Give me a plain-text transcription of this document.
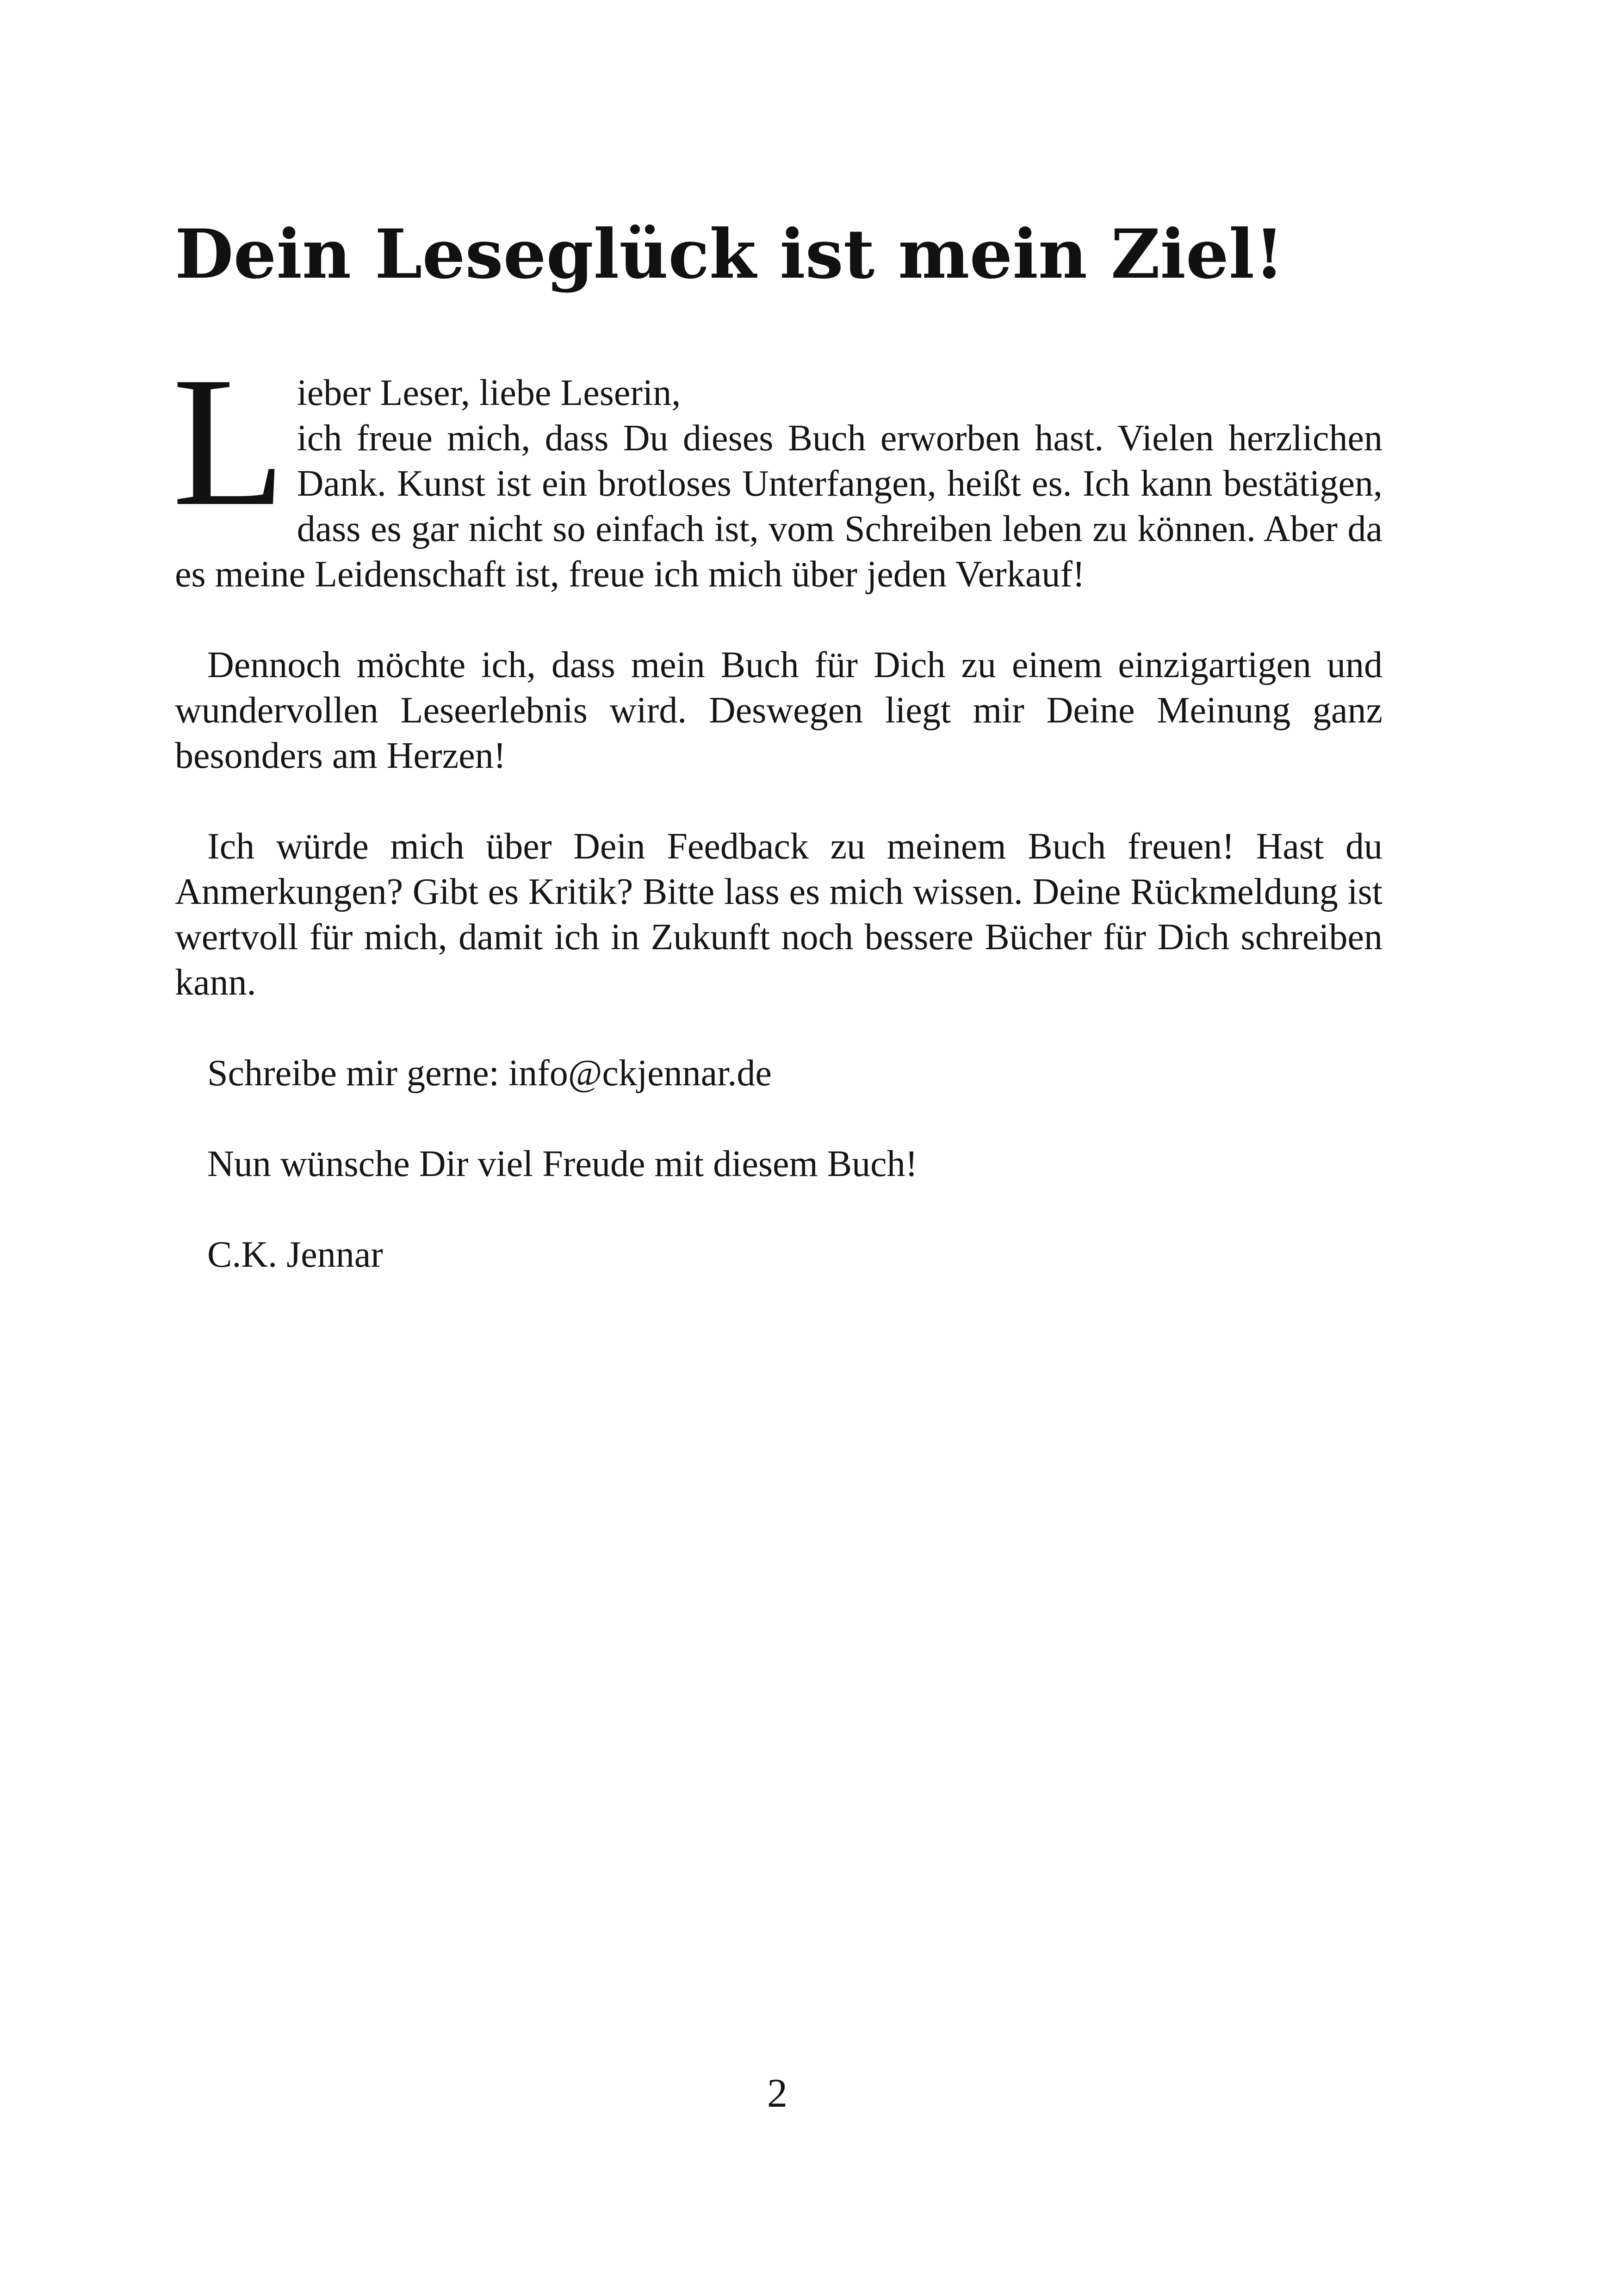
Dein Leseglück ist mein Ziel!
L ieber Leser, liebe Leserin,
ich freue mich, dass Du dieses Buch erworben hast. Vielen herzlichen Dank. Kunst ist ein brotloses Unterfangen, heißt es. Ich kann bestätigen, dass es gar nicht so einfach ist, vom Schreiben leben zu können. Aber da es meine Leidenschaft ist, freue ich mich über jeden Verkauf!

Dennoch möchte ich, dass mein Buch für Dich zu einem einzigartigen und wundervollen Leseerlebnis wird. Deswegen liegt mir Deine Meinung ganz besonders am Herzen!

Ich würde mich über Dein Feedback zu meinem Buch freuen! Hast du Anmerkungen? Gibt es Kritik? Bitte lass es mich wissen. Deine Rückmeldung ist wertvoll für mich, damit ich in Zukunft noch bessere Bücher für Dich schreiben kann.

Schreibe mir gerne: info@ckjennar.de

Nun wünsche Dir viel Freude mit diesem Buch!

C.K. Jennar

2
